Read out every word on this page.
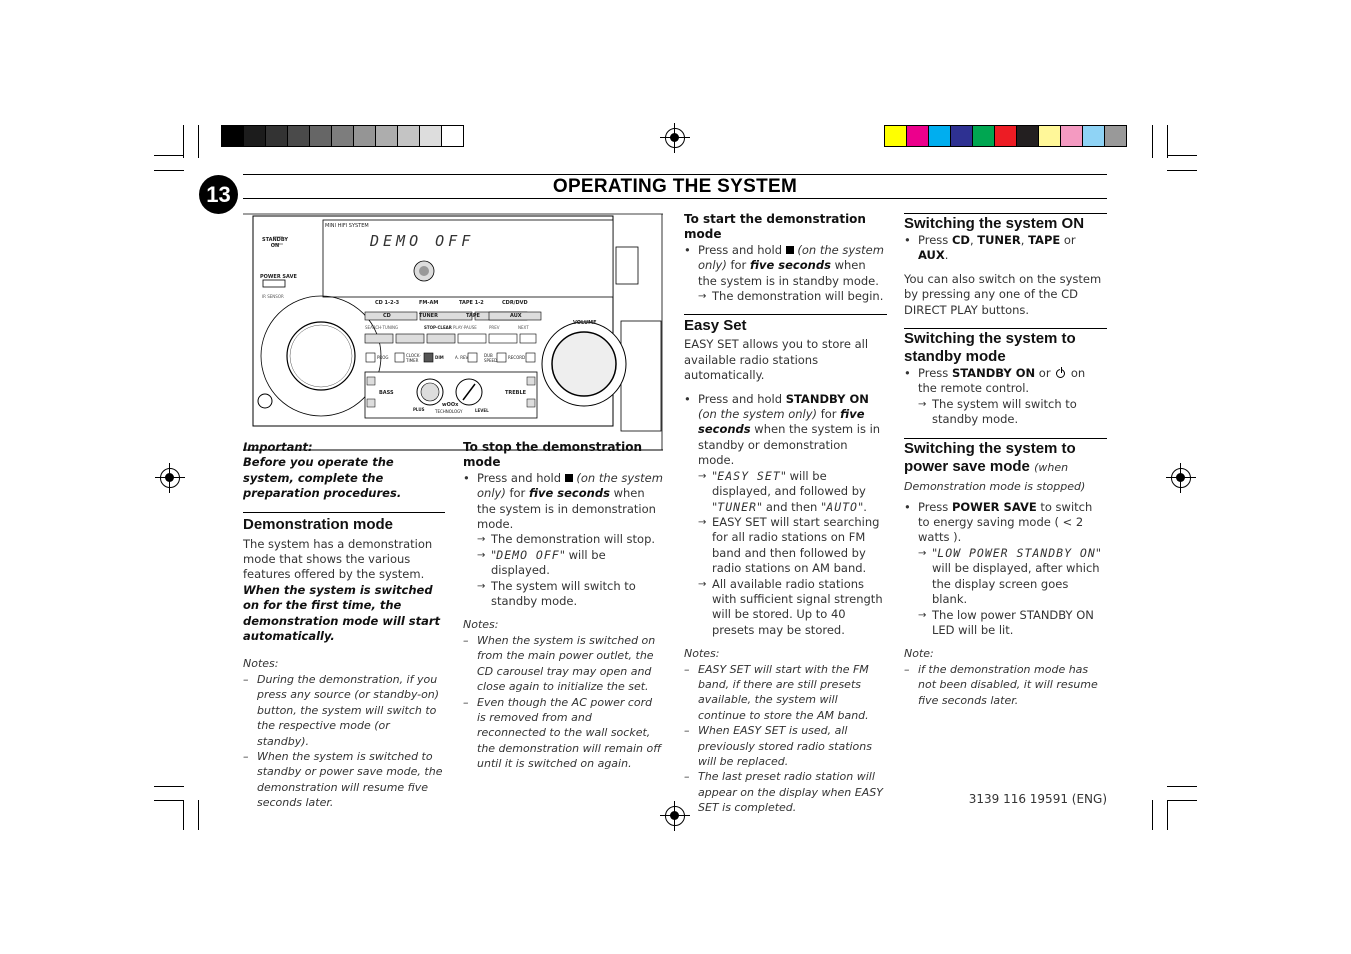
13	OPERATING THE SYSTEM
MINI HIFI SYSTEM
DEMO OFF
STANDBY ON
POWER SAVE
IR SENSOR
CD 1-2-3	FM-AM	TAPE 1-2	CDR/DVD
CD	TUNER	TAPE	AUX
SEARCH·TUNING	STOP·CLEAR PLAY·PAUSE	PREV	NEXT
PROG	CLOCK· TIMER
DIM	A. REV	DUB SPEED
RECORD
BASS	TREBLE
PLUS
wOOx
TECHNOLOGY	LEVEL
VOLUME

Important:

Before you operate the system, complete the preparation procedures.

Demonstration mode

The system has a demonstration mode that shows the various features offered by the system. When the system is switched on for the first time, the demonstration mode will start automatically.

Notes:

– During the demonstration, if you press any source (or standby-on) button, the system will switch to the respective mode (or standby).

– When the system is switched to standby or power save mode, the demonstration will resume five seconds later.

To stop the demonstration mode

• Press and hold (on the system only) for five seconds when the system is in demonstration mode.

→ The demonstration will stop.

→ "DEMO OFF" will be displayed.

→ The system will switch to standby mode.

Notes:

– When the system is switched on from the main power outlet, the CD carousel tray may open and close again to initialize the set.

– Even though the AC power cord is removed from and reconnected to the wall socket, the demonstration will remain off until it is switched on again.

To start the demonstration mode

• Press and hold (on the system only) for five seconds when the system is in standby mode.

→ The demonstration will begin.

Easy Set

EASY SET allows you to store all available radio stations automatically.

• Press and hold STANDBY ON (on the system only) for five seconds when the system is in standby or demonstration mode.

→ "EASY SET" will be displayed, and followed by "TUNER" and then "AUTO".

→ EASY SET will start searching for all radio stations on FM band and then followed by radio stations on AM band.

→ All available radio stations with sufficient signal strength will be stored. Up to 40 presets may be stored.

Notes:

– EASY SET will start with the FM band, if there are still presets available, the system will continue to store the AM band.

– When EASY SET is used, all previously stored radio stations will be replaced.

– The last preset radio station will appear on the display when EASY SET is completed.

Switching the system ON

• Press CD, TUNER, TAPE or AUX.

You can also switch on the system by pressing any one of the CD DIRECT PLAY buttons.

Switching the system to standby mode

• Press STANDBY ON or on the remote control.

→ The system will switch to standby mode.

Switching the system to power save mode (when Demonstration mode is stopped)

• Press POWER SAVE to switch to energy saving mode ( < 2 watts ).

→ "LOW POWER STANDBY ON" will be displayed, after which the display screen goes blank.

→ The low power STANDBY ON LED will be lit.

Note:

– if the demonstration mode has not been disabled, it will resume five seconds later.

3139 116 19591 (ENG)
